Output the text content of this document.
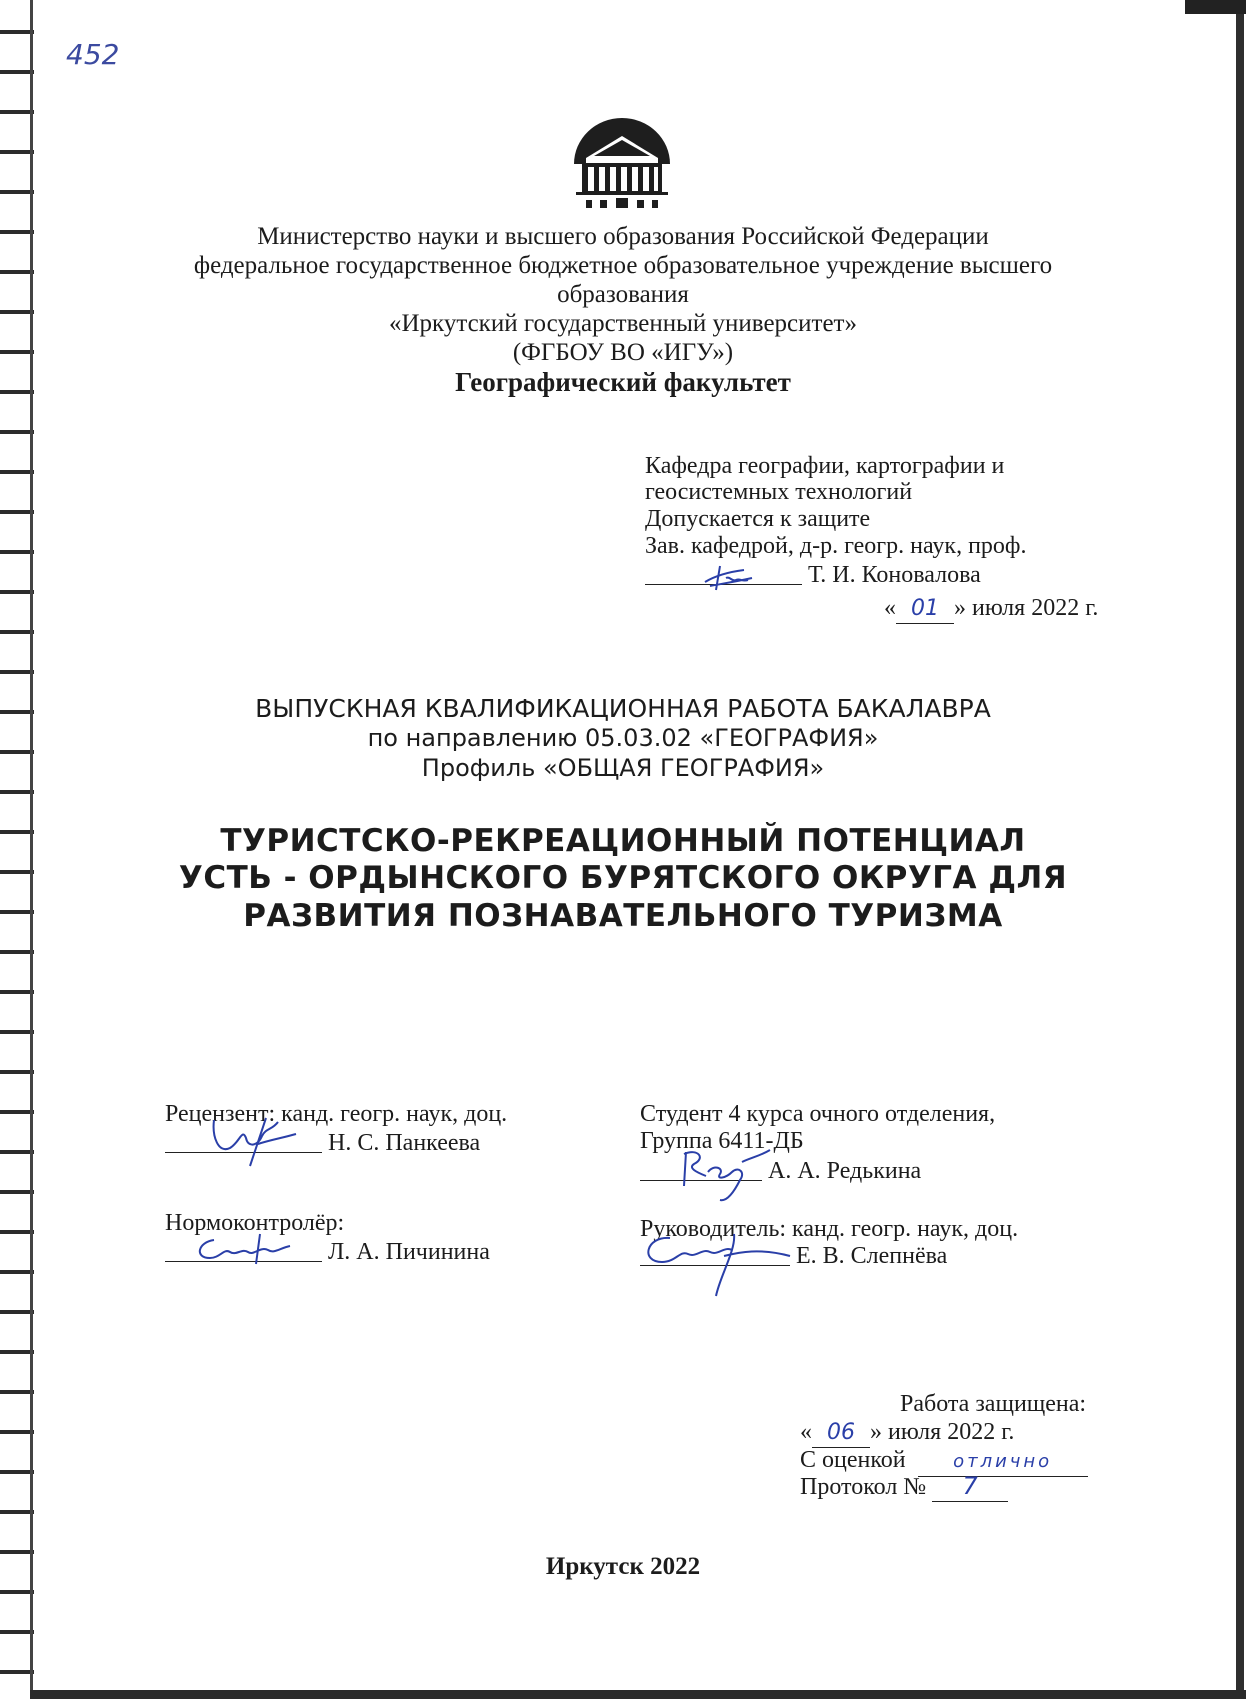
452
Министерство науки и высшего образования Российской Федерации
федеральное государственное бюджетное образовательное учреждение высшего
образования
«Иркутский государственный университет»
(ФГБОУ ВО «ИГУ»)
Географический факультет
Кафедра географии, картографии и
геосистемных технологий
Допускается к защите
Зав. кафедрой, д-р. геогр. наук, проф.
Т. И. Коновалова
« 01 » июля 2022 г.
ВЫПУСКНАЯ КВАЛИФИКАЦИОННАЯ РАБОТА БАКАЛАВРА
по направлению 05.03.02 «ГЕОГРАФИЯ»
Профиль «ОБЩАЯ ГЕОГРАФИЯ»
ТУРИСТСКО-РЕКРЕАЦИОННЫЙ ПОТЕНЦИАЛ
УСТЬ - ОРДЫНСКОГО БУРЯТСКОГО ОКРУГА ДЛЯ
РАЗВИТИЯ ПОЗНАВАТЕЛЬНОГО ТУРИЗМА
Рецензент: канд. геогр. наук, доц.
Н. С. Панкеева
Нормоконтролёр:
Л. А. Пичинина
Студент 4 курса очного отделения,
Группа 6411-ДБ
А. А. Редькина
Руководитель: канд. геогр. наук, доц.
Е. В. Слепнёва
Работа защищена:
« 06 » июля 2022 г.
С оценкой	отлично
Протокол № 7
Иркутск 2022
